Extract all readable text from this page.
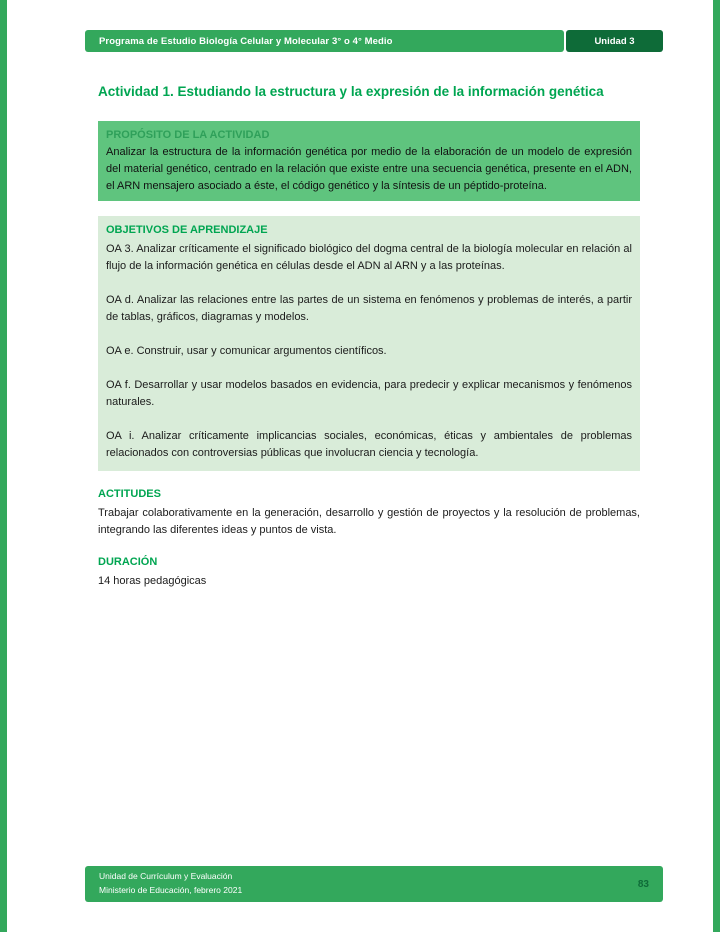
Programa de Estudio Biología Celular y Molecular 3° o 4° Medio	Unidad 3
Actividad 1. Estudiando la estructura y la expresión de la información genética
PROPÓSITO DE LA ACTIVIDAD

Analizar la estructura de la información genética por medio de la elaboración de un modelo de expresión del material genético, centrado en la relación que existe entre una secuencia genética, presente en el ADN, el ARN mensajero asociado a éste, el código genético y la síntesis de un péptido-proteína.

OBJETIVOS DE APRENDIZAJE

OA 3. Analizar críticamente el significado biológico del dogma central de la biología molecular en relación al flujo de la información genética en células desde el ADN al ARN y a las proteínas.

OA d. Analizar las relaciones entre las partes de un sistema en fenómenos y problemas de interés, a partir de tablas, gráficos, diagramas y modelos.

OA e. Construir, usar y comunicar argumentos científicos.

OA f. Desarrollar y usar modelos basados en evidencia, para predecir y explicar mecanismos y fenómenos naturales.

OA i. Analizar críticamente implicancias sociales, económicas, éticas y ambientales de problemas relacionados con controversias públicas que involucran ciencia y tecnología.

ACTITUDES

Trabajar colaborativamente en la generación, desarrollo y gestión de proyectos y la resolución de problemas, integrando las diferentes ideas y puntos de vista.

DURACIÓN

14 horas pedagógicas

Unidad de Currículum y Evaluación
Ministerio de Educación, febrero 2021
83
